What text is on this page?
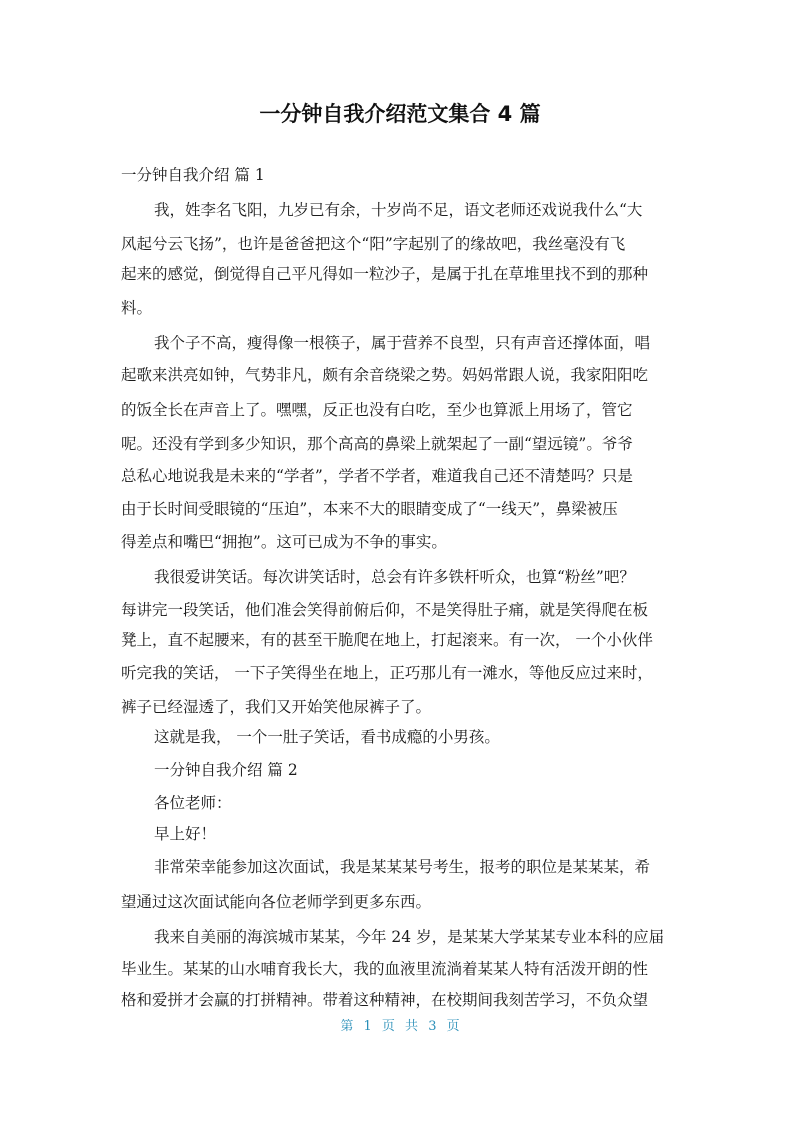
一分钟自我介绍范文集合 4 篇
一分钟自我介绍 篇 1
我，姓李名飞阳，九岁已有余，十岁尚不足，语文老师还戏说我什么“大
风起兮云飞扬”，也许是爸爸把这个“阳”字起别了的缘故吧，我丝毫没有飞
起来的感觉，倒觉得自己平凡得如一粒沙子，是属于扎在草堆里找不到的那种
料。
我个子不高，瘦得像一根筷子，属于营养不良型，只有声音还撑体面，唱
起歌来洪亮如钟，气势非凡，颇有余音绕梁之势。妈妈常跟人说，我家阳阳吃
的饭全长在声音上了。嘿嘿，反正也没有白吃，至少也算派上用场了，管它
呢。还没有学到多少知识，那个高高的鼻梁上就架起了一副“望远镜”。爷爷
总私心地说我是未来的“学者”，学者不学者，难道我自己还不清楚吗？只是
由于长时间受眼镜的“压迫”，本来不大的眼睛变成了“一线天”，鼻梁被压
得差点和嘴巴“拥抱”。这可已成为不争的事实。
我很爱讲笑话。每次讲笑话时，总会有许多铁杆听众，也算“粉丝”吧？
每讲完一段笑话，他们准会笑得前俯后仰，不是笑得肚子痛，就是笑得爬在板
凳上，直不起腰来，有的甚至干脆爬在地上，打起滚来。有一次， 一个小伙伴
听完我的笑话， 一下子笑得坐在地上，正巧那儿有一滩水，等他反应过来时，
裤子已经湿透了，我们又开始笑他尿裤子了。
这就是我， 一个一肚子笑话，看书成瘾的小男孩。
一分钟自我介绍 篇 2
各位老师：
早上好！
非常荣幸能参加这次面试，我是某某某号考生，报考的职位是某某某，希
望通过这次面试能向各位老师学到更多东西。
我来自美丽的海滨城市某某，今年 24 岁，是某某大学某某专业本科的应届
毕业生。某某的山水哺育我长大，我的血液里流淌着某某人特有活泼开朗的性
格和爱拼才会赢的打拼精神。带着这种精神，在校期间我刻苦学习，不负众望
第 1 页 共 3 页
